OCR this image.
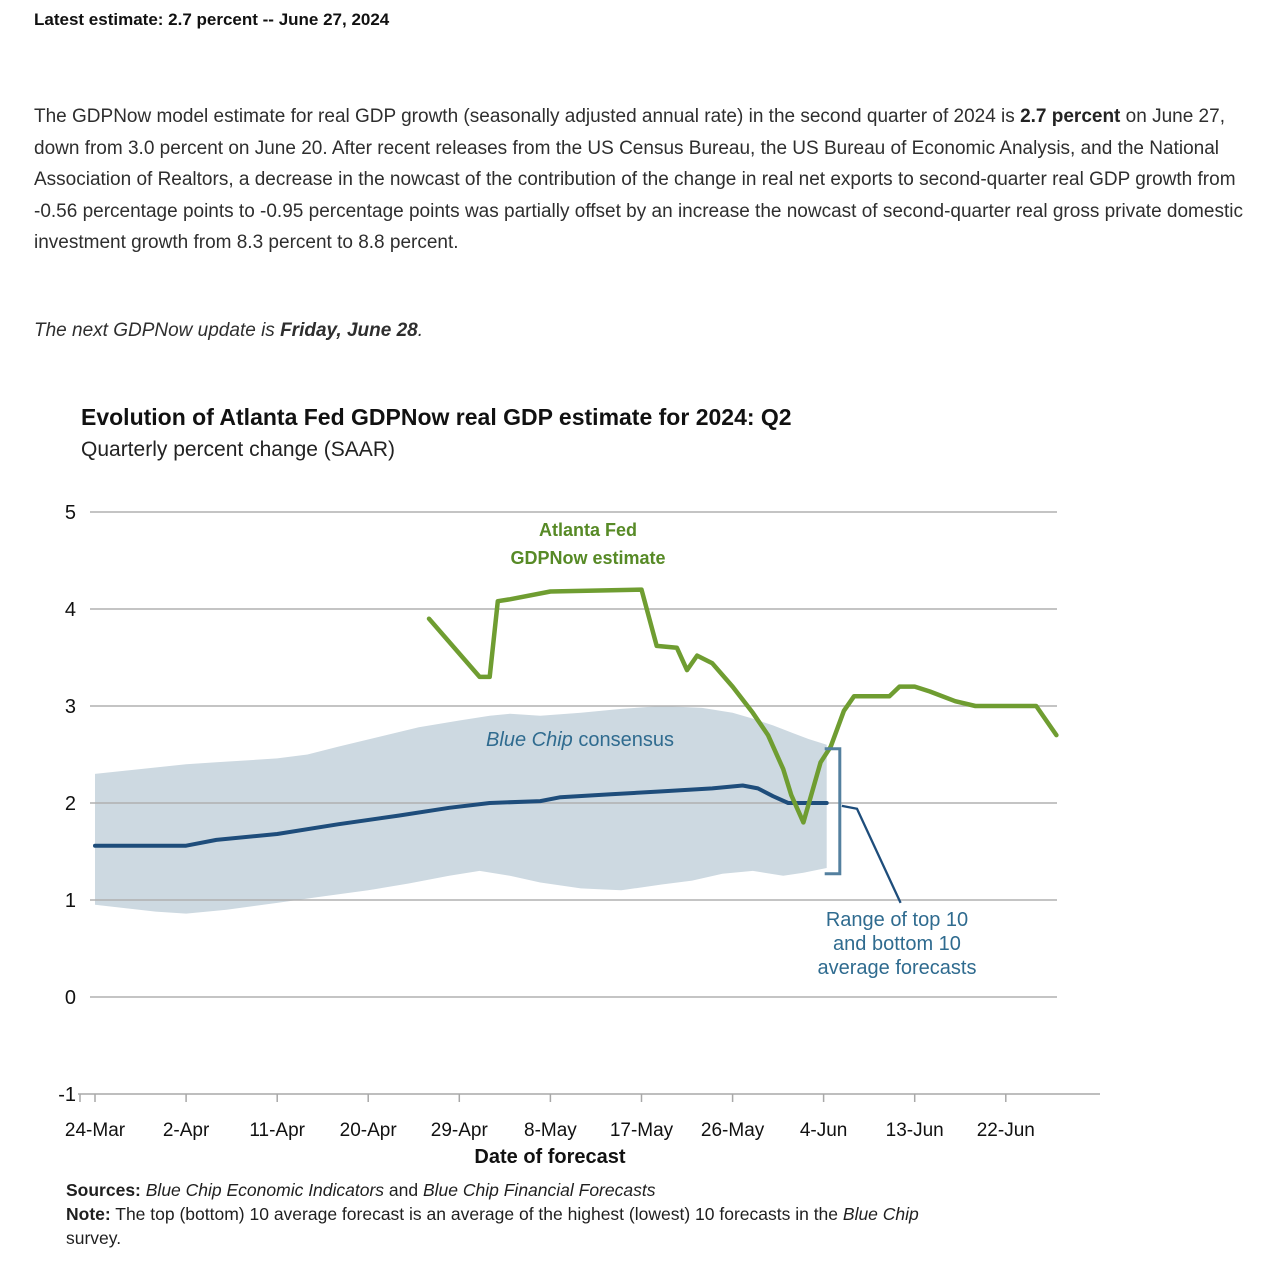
Latest estimate: 2.7 percent -- June 27, 2024
The GDPNow model estimate for real GDP growth (seasonally adjusted annual rate) in the second quarter of 2024 is 2.7 percent on June 27, down from 3.0 percent on June 20. After recent releases from the US Census Bureau, the US Bureau of Economic Analysis, and the National Association of Realtors, a decrease in the nowcast of the contribution of the change in real net exports to second-quarter real GDP growth from -0.56 percentage points to -0.95 percentage points was partially offset by an increase the nowcast of second-quarter real gross private domestic investment growth from 8.3 percent to 8.8 percent.
The next GDPNow update is Friday, June 28.
Evolution of Atlanta Fed GDPNow real GDP estimate for 2024: Q2
Quarterly percent change (SAAR)
24-Mar 2-Apr 11-Apr 20-Apr 29-Apr 8-May 17-May 26-May 4-Jun 13-Jun 22-Jun
5
4
3
2
1
0
-1
Atlanta Fed
GDPNow estimate
Blue Chip consensus
Range of top 10
and bottom 10
average forecasts
Date of forecast
Sources: Blue Chip Economic Indicators and Blue Chip Financial Forecasts
Note: The top (bottom) 10 average forecast is an average of the highest (lowest) 10 forecasts in the Blue Chip
survey.
